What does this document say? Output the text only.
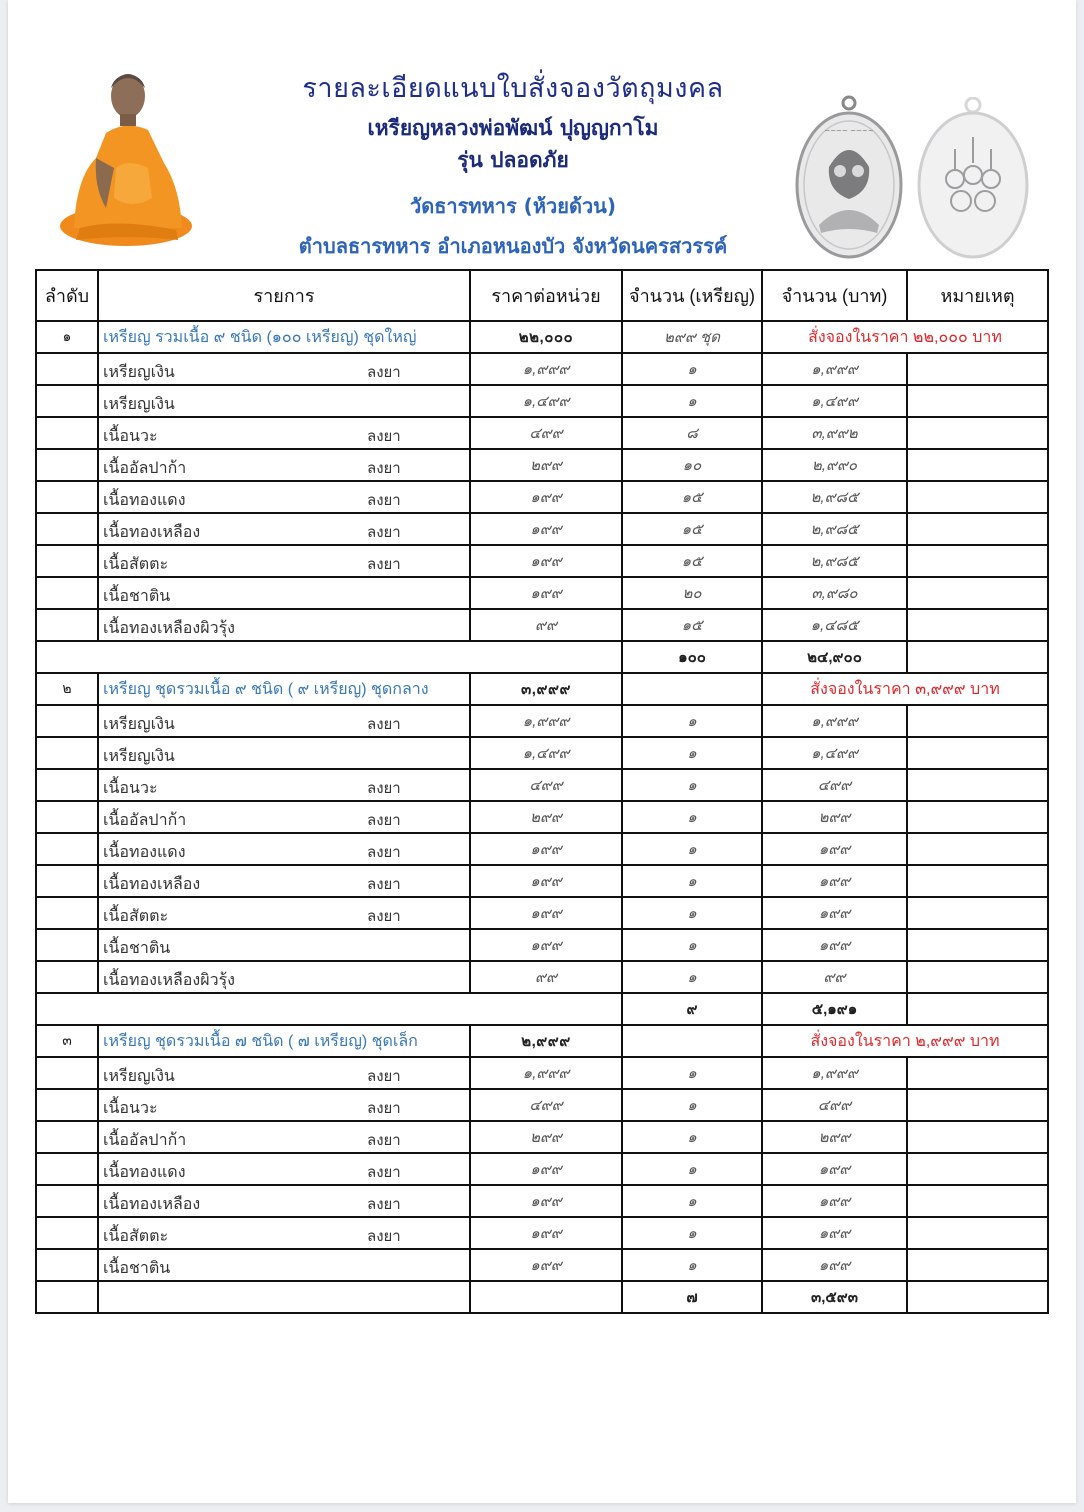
รายละเอียดแนบใบสั่งจองวัตถุมงคล
เหรียญหลวงพ่อพัฒน์ ปุญญกาโม
รุ่น ปลอดภัย
วัดธารทหาร (ห้วยด้วน)
ตำบลธารทหาร อำเภอหนองบัว จังหวัดนครสวรรค์
~~~~ ~~~~
ลำดับ	รายการ	ราคาต่อหน่วย	จำนวน (เหรียญ)	จำนวน (บาท)	หมายเหตุ
๑	เหรียญ รวมเนื้อ ๙ ชนิด (๑๐๐ เหรียญ) ชุดใหญ่	๒๒,๐๐๐	๒๙๙ ชุด	สั่งจองในราคา ๒๒,๐๐๐ บาท	

	เหรียญเงิน ลงยา	๑,๙๙๙	๑	๑,๙๙๙	

	เหรียญเงิน	๑,๔๙๙	๑	๑,๔๙๙	

	เนื้อนวะ ลงยา	๔๙๙	๘	๓,๙๙๒	

	เนื้ออัลปาก้า ลงยา	๒๙๙	๑๐	๒,๙๙๐	

	เนื้อทองแดง ลงยา	๑๙๙	๑๕	๒,๙๘๕	

	เนื้อทองเหลือง ลงยา	๑๙๙	๑๕	๒,๙๘๕	

	เนื้อสัตตะ ลงยา	๑๙๙	๑๕	๒,๙๘๕	

	เนื้อชาติน	๑๙๙	๒๐	๓,๙๘๐	

	เนื้อทองเหลืองผิวรุ้ง	๙๙	๑๕	๑,๔๘๕	
			๑๐๐	๒๔,๙๐๐	
๒	เหรียญ ชุดรวมเนื้อ ๙ ชนิด ( ๙ เหรียญ) ชุดกลาง	๓,๙๙๙		สั่งจองในราคา ๓,๙๙๙ บาท	

	เหรียญเงิน ลงยา	๑,๙๙๙	๑	๑,๙๙๙	

	เหรียญเงิน	๑,๔๙๙	๑	๑,๔๙๙	

	เนื้อนวะ ลงยา	๔๙๙	๑	๔๙๙	

	เนื้ออัลปาก้า ลงยา	๒๙๙	๑	๒๙๙	

	เนื้อทองแดง ลงยา	๑๙๙	๑	๑๙๙	

	เนื้อทองเหลือง ลงยา	๑๙๙	๑	๑๙๙	

	เนื้อสัตตะ ลงยา	๑๙๙	๑	๑๙๙	

	เนื้อชาติน	๑๙๙	๑	๑๙๙	

	เนื้อทองเหลืองผิวรุ้ง	๙๙	๑	๙๙	
			๙	๕,๑๙๑	
๓	เหรียญ ชุดรวมเนื้อ ๗ ชนิด ( ๗ เหรียญ) ชุดเล็ก	๒,๙๙๙		สั่งจองในราคา ๒,๙๙๙ บาท	

	เหรียญเงิน ลงยา	๑,๙๙๙	๑	๑,๙๙๙	

	เนื้อนวะ ลงยา	๔๙๙	๑	๔๙๙	

	เนื้ออัลปาก้า ลงยา	๒๙๙	๑	๒๙๙	

	เนื้อทองแดง ลงยา	๑๙๙	๑	๑๙๙	

	เนื้อทองเหลือง ลงยา	๑๙๙	๑	๑๙๙	

	เนื้อสัตตะ ลงยา	๑๙๙	๑	๑๙๙	

	เนื้อชาติน	๑๙๙	๑	๑๙๙	
			๗	๓,๕๙๓	
